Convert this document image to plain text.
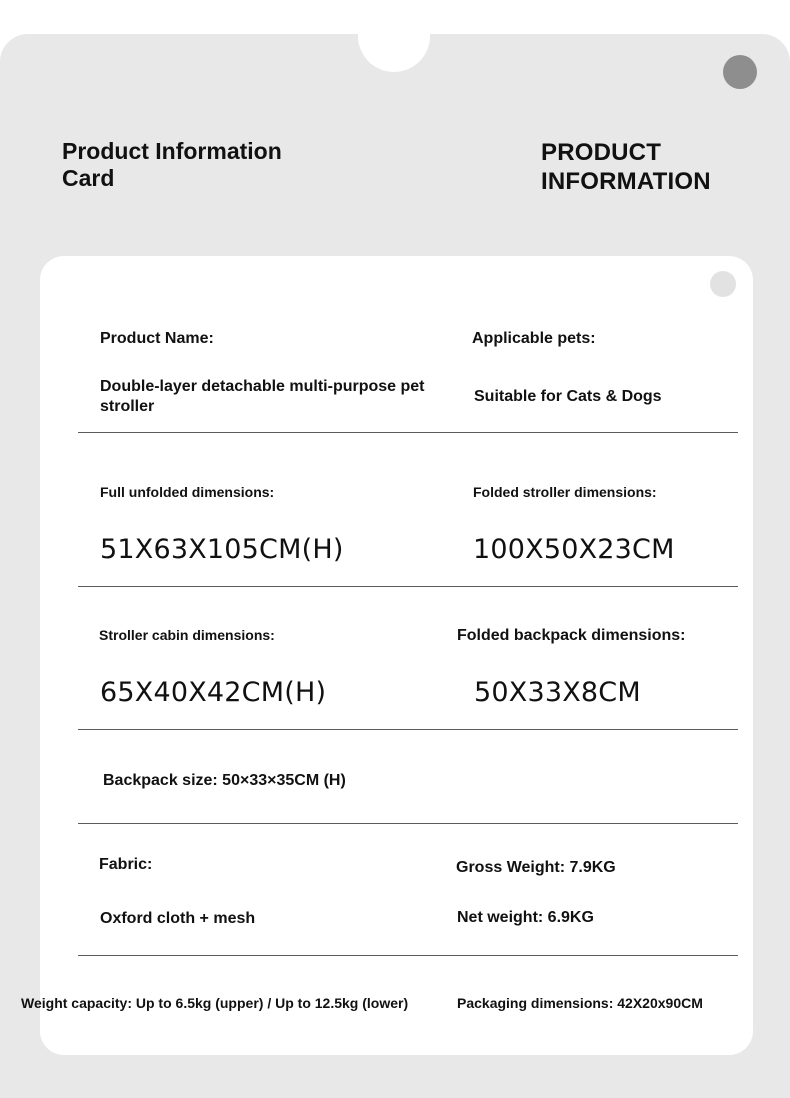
Product Information Card
PRODUCT INFORMATION
Product Name:
Double-layer detachable multi-purpose pet stroller
Applicable pets:
Suitable for Cats & Dogs
Full unfolded dimensions:
51X63X105CM(H)
Folded stroller dimensions:
100X50X23CM
Stroller cabin dimensions:
65X40X42CM(H)
Folded backpack dimensions:
50X33X8CM
Backpack size: 50×33×35CM (H)
Fabric:
Oxford cloth + mesh
Gross Weight: 7.9KG
Net weight: 6.9KG
Weight capacity: Up to 6.5kg (upper) / Up to 12.5kg (lower)	Packaging dimensions: 42X20x90CM
